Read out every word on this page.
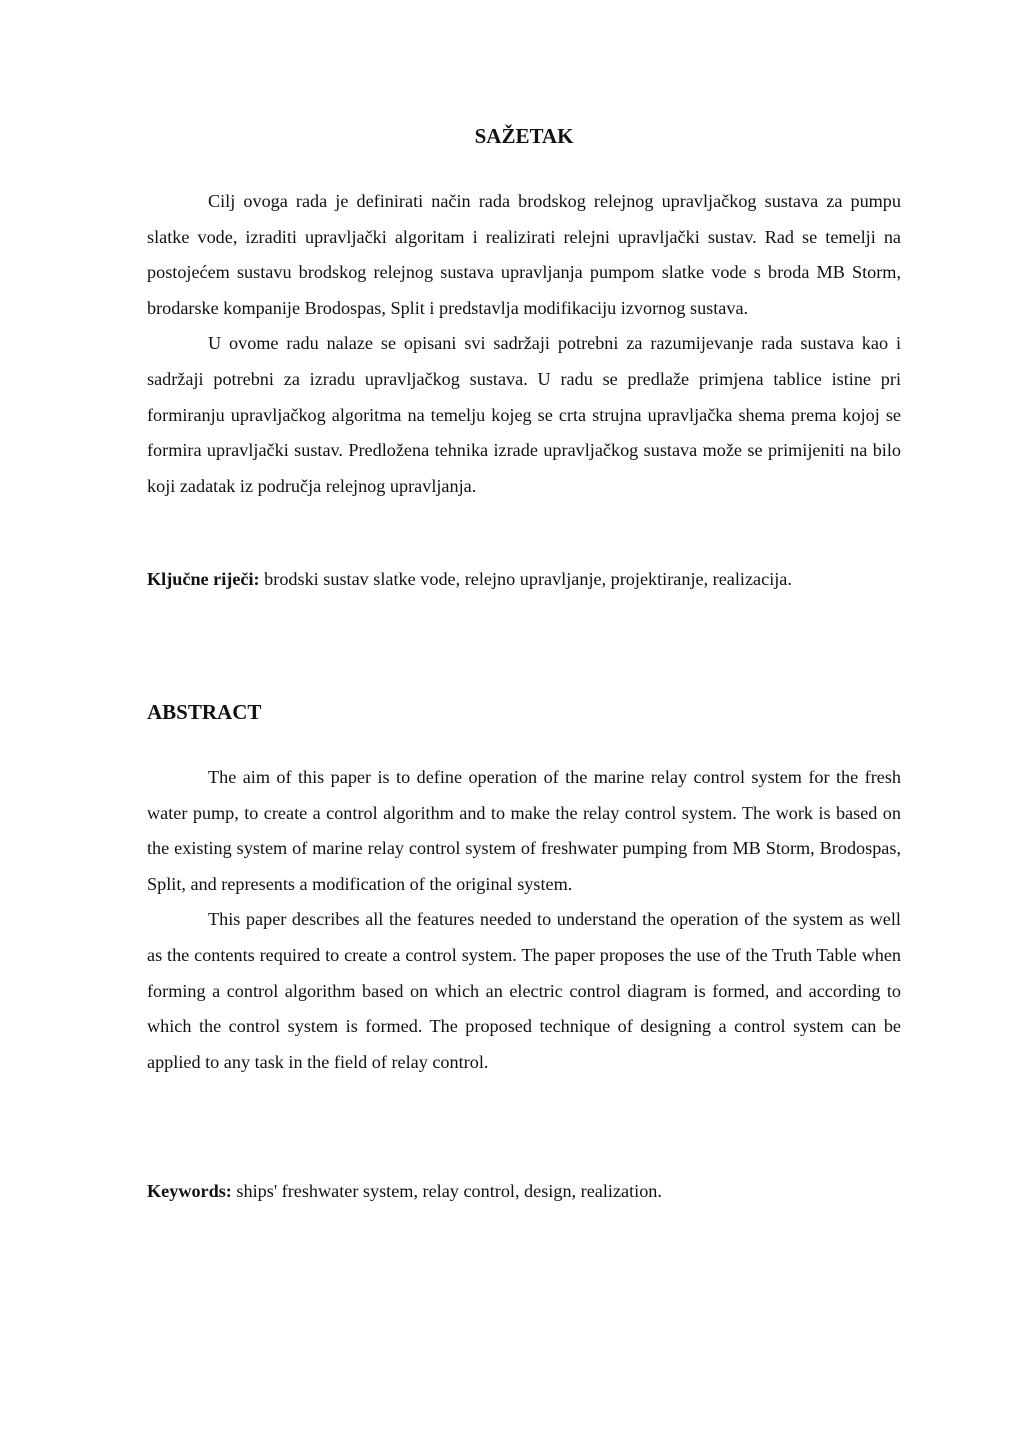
SAŽETAK

Cilj ovoga rada je definirati način rada brodskog relejnog upravljačkog sustava za pumpu slatke vode, izraditi upravljački algoritam i realizirati relejni upravljački sustav. Rad se temelji na postojećem sustavu brodskog relejnog sustava upravljanja pumpom slatke vode s broda MB Storm, brodarske kompanije Brodospas, Split i predstavlja modifikaciju izvornog sustava.

U ovome radu nalaze se opisani svi sadržaji potrebni za razumijevanje rada sustava kao i sadržaji potrebni za izradu upravljačkog sustava. U radu se predlaže primjena tablice istine pri formiranju upravljačkog algoritma na temelju kojeg se crta strujna upravljačka shema prema kojoj se formira upravljački sustav. Predložena tehnika izrade upravljačkog sustava može se primijeniti na bilo koji zadatak iz područja relejnog upravljanja.

Ključne riječi: brodski sustav slatke vode, relejno upravljanje, projektiranje, realizacija.

ABSTRACT

The aim of this paper is to define operation of the marine relay control system for the fresh water pump, to create a control algorithm and to make the relay control system. The work is based on the existing system of marine relay control system of freshwater pumping from MB Storm, Brodospas, Split, and represents a modification of the original system.

This paper describes all the features needed to understand the operation of the system as well as the contents required to create a control system. The paper proposes the use of the Truth Table when forming a control algorithm based on which an electric control diagram is formed, and according to which the control system is formed. The proposed technique of designing a control system can be applied to any task in the field of relay control.

Keywords: ships' freshwater system, relay control, design, realization.
